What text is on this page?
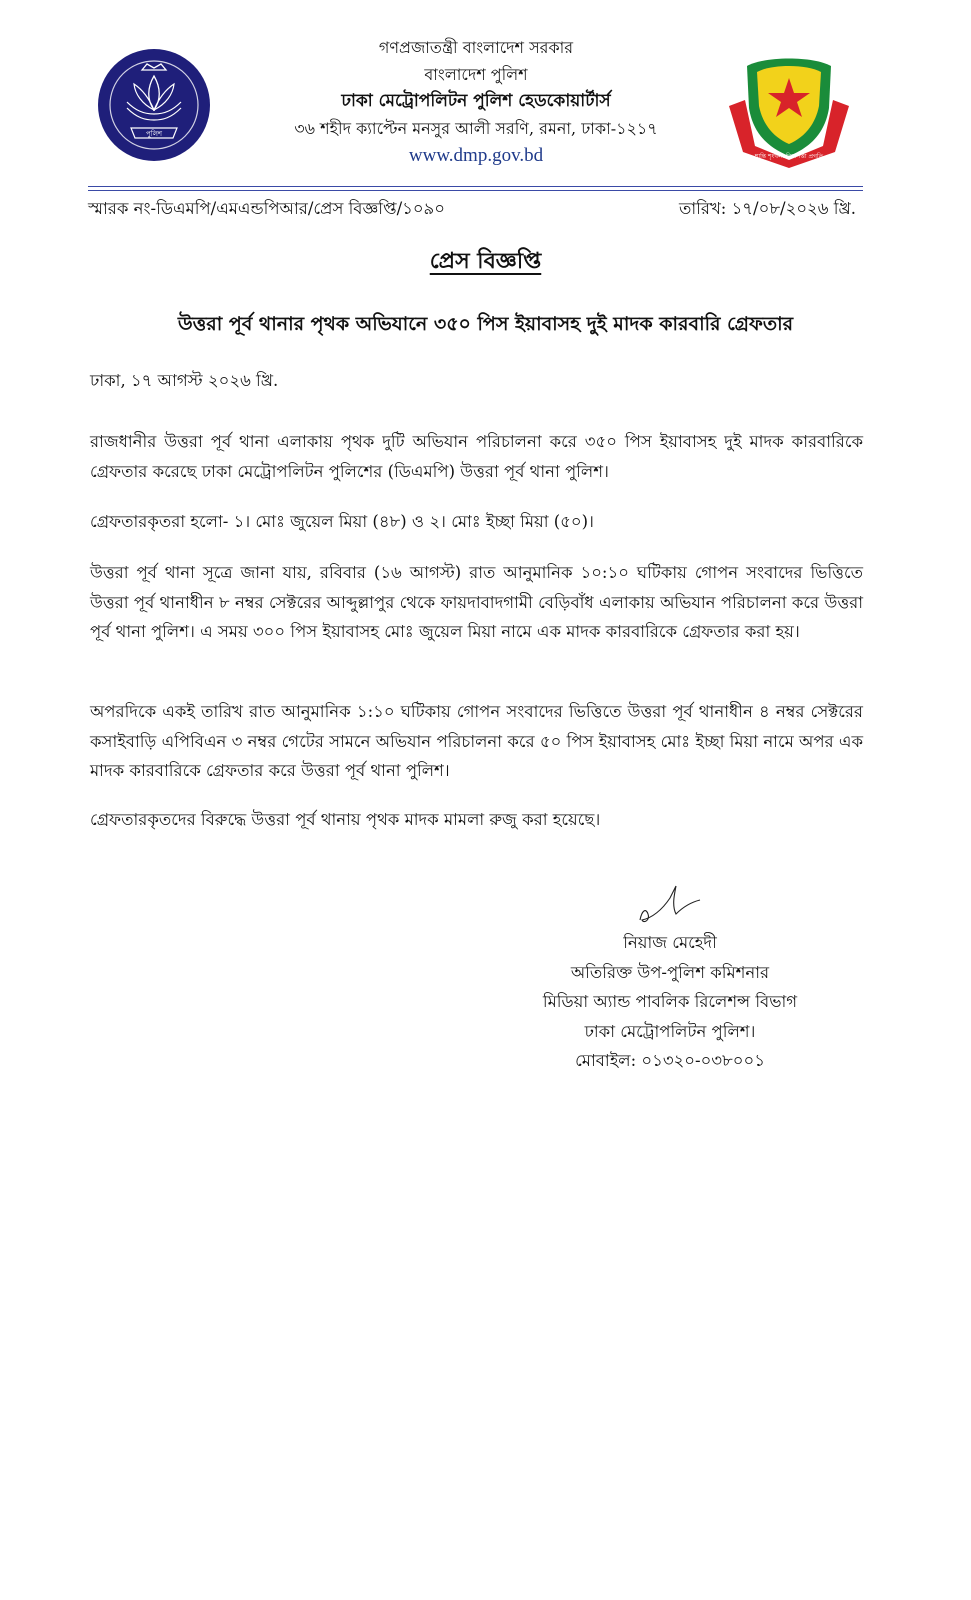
পুলিশ
গণপ্রজাতন্ত্রী বাংলাদেশ সরকার
বাংলাদেশ পুলিশ
ঢাকা মেট্রোপলিটন পুলিশ হেডকোয়ার্টার্স
৩৬ শহীদ ক্যাপ্টেন মনসুর আলী সরণি, রমনা, ঢাকা-১২১৭
www.dmp.gov.bd	শান্তি শৃংখলা নিরাপত্তা প্রগতি
স্মারক নং-ডিএমপি/এমএন্ডপিআর/প্রেস বিজ্ঞপ্তি/১০৯০	তারিখ: ১৭/০৮/২০২৬ খ্রি.
প্রেস বিজ্ঞপ্তি
উত্তরা পূর্ব থানার পৃথক অভিযানে ৩৫০ পিস ইয়াবাসহ দুই মাদক কারবারি গ্রেফতার
ঢাকা, ১৭ আগস্ট ২০২৬ খ্রি.
রাজধানীর উত্তরা পূর্ব থানা এলাকায় পৃথক দুটি অভিযান পরিচালনা করে ৩৫০ পিস ইয়াবাসহ দুই মাদক কারবারিকে গ্রেফতার করেছে ঢাকা মেট্রোপলিটন পুলিশের (ডিএমপি) উত্তরা পূর্ব থানা পুলিশ।
গ্রেফতারকৃতরা হলো- ১। মোঃ জুয়েল মিয়া (৪৮) ও ২। মোঃ ইচ্ছা মিয়া (৫০)।
উত্তরা পূর্ব থানা সূত্রে জানা যায়, রবিবার (১৬ আগস্ট) রাত আনুমানিক ১০:১০ ঘটিকায় গোপন সংবাদের ভিত্তিতে উত্তরা পূর্ব থানাধীন ৮ নম্বর সেক্টরের আব্দুল্লাপুর থেকে ফায়দাবাদগামী বেড়িবাঁধ এলাকায় অভিযান পরিচালনা করে উত্তরা পূর্ব থানা পুলিশ। এ সময় ৩০০ পিস ইয়াবাসহ মোঃ জুয়েল মিয়া নামে এক মাদক কারবারিকে গ্রেফতার করা হয়।
অপরদিকে একই তারিখ রাত আনুমানিক ১:১০ ঘটিকায় গোপন সংবাদের ভিত্তিতে উত্তরা পূর্ব থানাধীন ৪ নম্বর সেক্টরের কসাইবাড়ি এপিবিএন ৩ নম্বর গেটের সামনে অভিযান পরিচালনা করে ৫০ পিস ইয়াবাসহ মোঃ ইচ্ছা মিয়া নামে অপর এক মাদক কারবারিকে গ্রেফতার করে উত্তরা পূর্ব থানা পুলিশ।
গ্রেফতারকৃতদের বিরুদ্ধে উত্তরা পূর্ব থানায় পৃথক মাদক মামলা রুজু করা হয়েছে।
নিয়াজ মেহেদী
অতিরিক্ত উপ-পুলিশ কমিশনার
মিডিয়া অ্যান্ড পাবলিক রিলেশন্স বিভাগ
ঢাকা মেট্রোপলিটন পুলিশ।
মোবাইল: ০১৩২০-০৩৮০০১
